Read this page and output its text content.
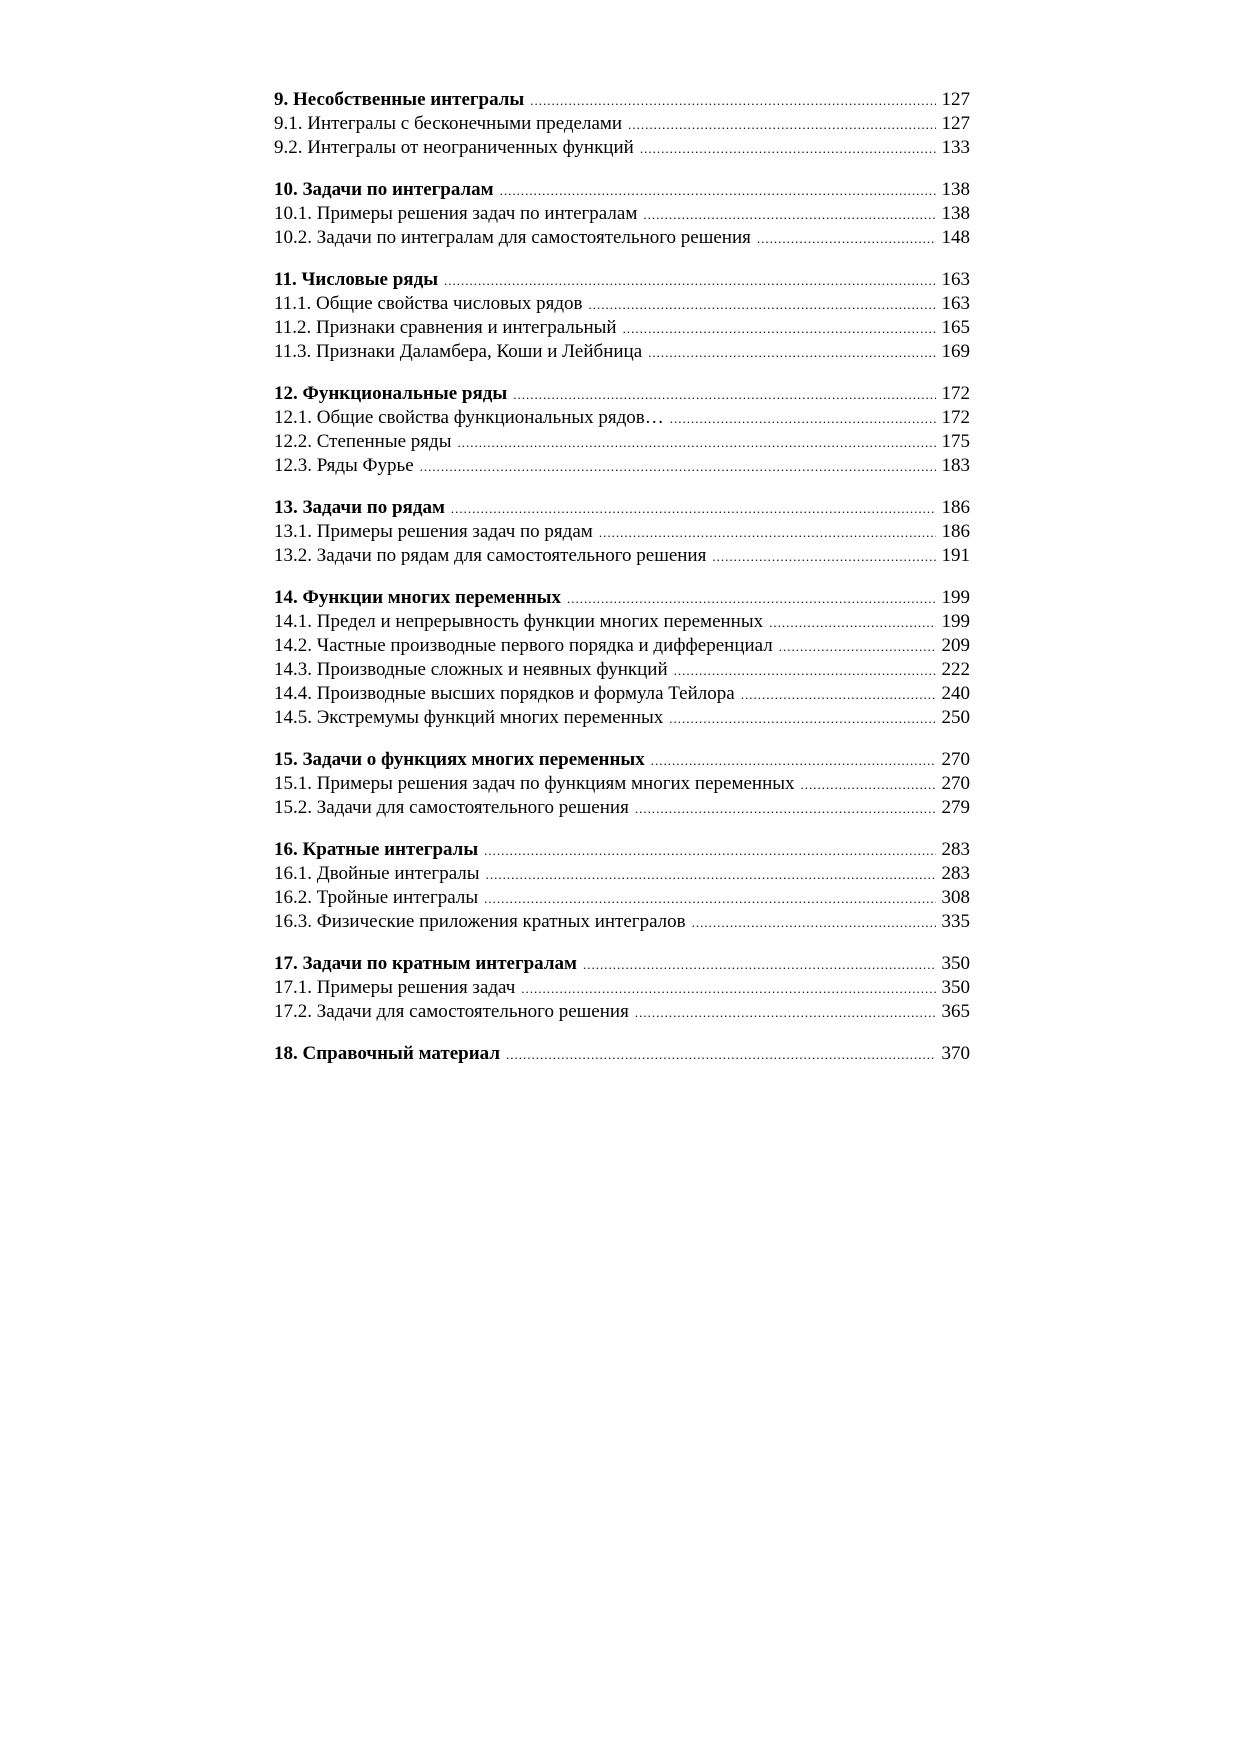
9. Несобственные интегралы .....	127
9.1. Интегралы с бесконечными пределами .....	127
9.2. Интегралы от неограниченных функций .....	133
10. Задачи по интегралам .....	138
10.1. Примеры решения задач по интегралам .....	138
10.2. Задачи по интегралам для самостоятельного решения .....	148
11. Числовые ряды .....	163
11.1. Общие свойства числовых рядов .....	163
11.2. Признаки сравнения и интегральный .....	165
11.3. Признаки Даламбера, Коши и Лейбница .....	169
12. Функциональные ряды .....	172
12.1. Общие свойства функциональных рядов… .....	172
12.2. Степенные ряды .....	175
12.3. Ряды Фурье .....	183
13. Задачи по рядам .....	186
13.1. Примеры решения задач по рядам .....	186
13.2. Задачи по рядам для самостоятельного решения .....	191
14. Функции многих переменных .....	199
14.1. Предел и непрерывность функции многих переменных .....	199
14.2. Частные производные первого порядка и дифференциал .....	209
14.3. Производные сложных и неявных функций .....	222
14.4. Производные высших порядков и формула Тейлора .....	240
14.5. Экстремумы функций многих переменных .....	250
15. Задачи о функциях многих переменных .....	270
15.1. Примеры решения задач по функциям многих переменных .....	270
15.2. Задачи для самостоятельного решения .....	279
16. Кратные интегралы .....	283
16.1. Двойные интегралы .....	283
16.2. Тройные интегралы .....	308
16.3. Физические приложения кратных интегралов .....	335
17. Задачи по кратным интегралам .....	350
17.1. Примеры решения задач .....	350
17.2. Задачи для самостоятельного решения .....	365
18. Справочный материал .....	370
